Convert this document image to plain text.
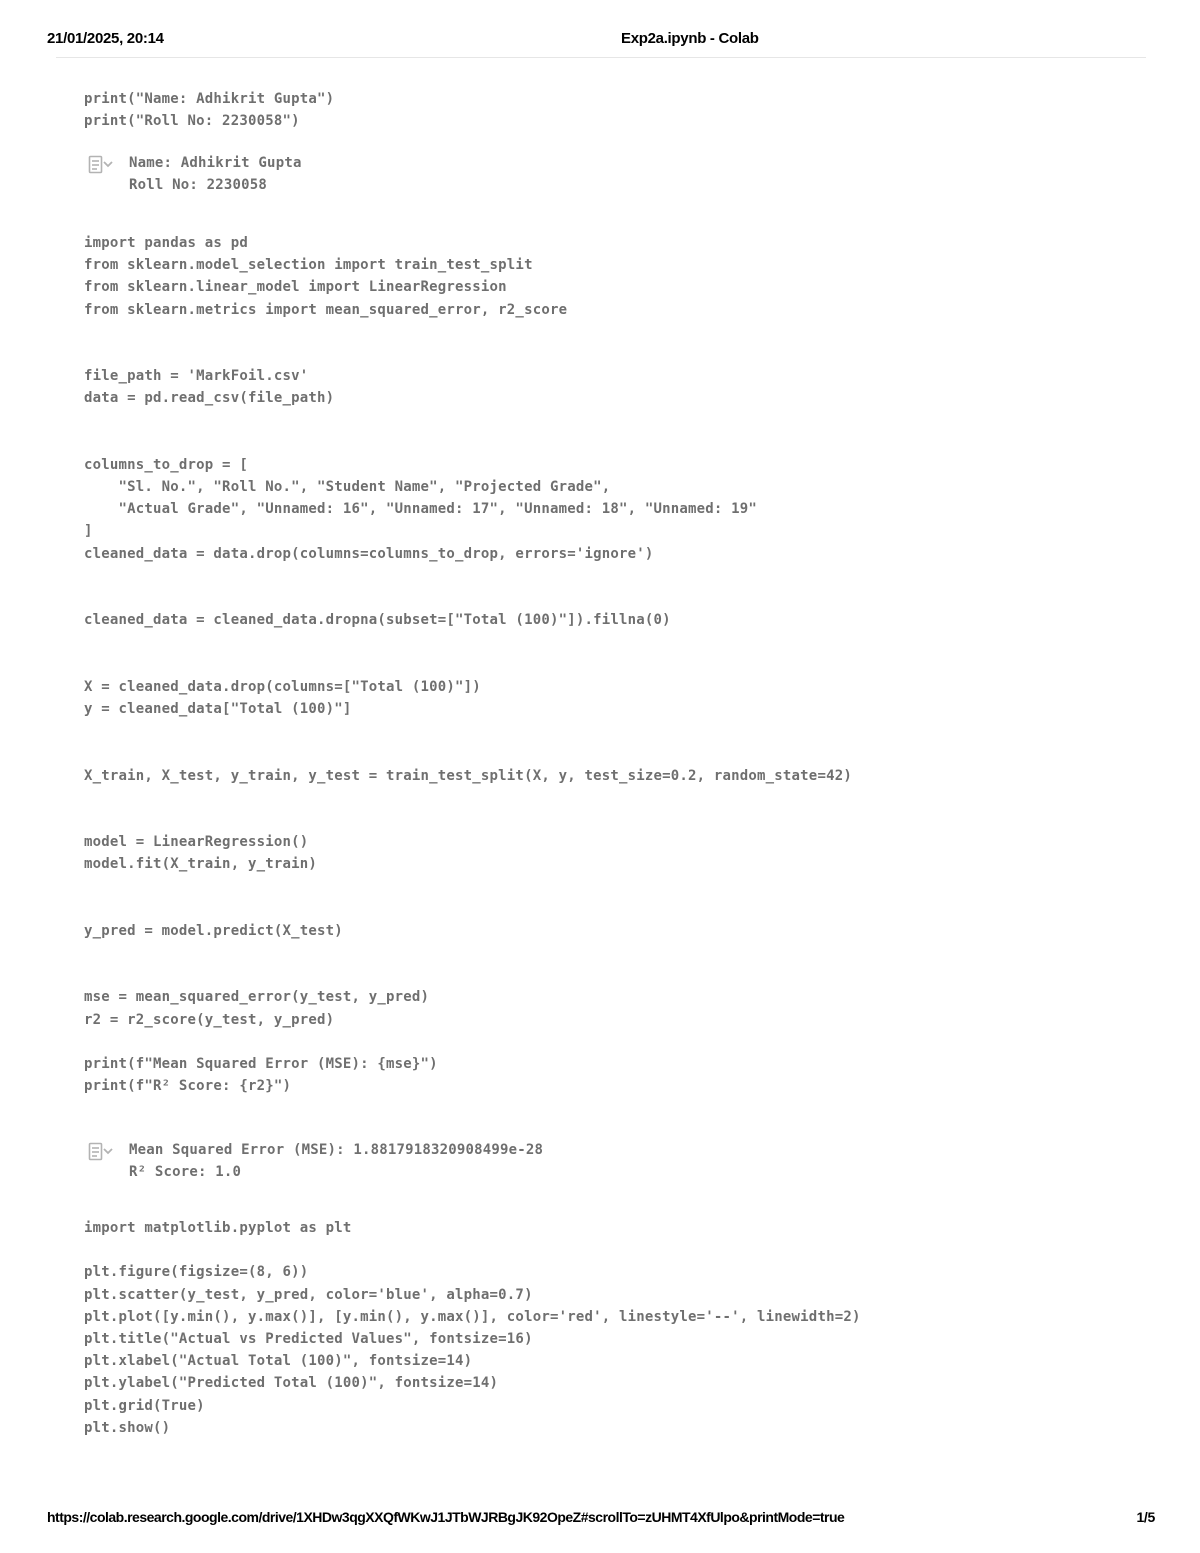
21/01/2025, 20:14	Exp2a.ipynb - Colab
print("Name: Adhikrit Gupta")
print("Roll No: 2230058")
Name: Adhikrit Gupta
Roll No: 2230058
import pandas as pd
from sklearn.model_selection import train_test_split
from sklearn.linear_model import LinearRegression
from sklearn.metrics import mean_squared_error, r2_score
file_path = 'MarkFoil.csv'
data = pd.read_csv(file_path)
columns_to_drop = [
"Sl. No.", "Roll No.", "Student Name", "Projected Grade",
"Actual Grade", "Unnamed: 16", "Unnamed: 17", "Unnamed: 18", "Unnamed: 19"
]
cleaned_data = data.drop(columns=columns_to_drop, errors='ignore')
cleaned_data = cleaned_data.dropna(subset=["Total (100)"]).fillna(0)
X = cleaned_data.drop(columns=["Total (100)"])
y = cleaned_data["Total (100)"]
X_train, X_test, y_train, y_test = train_test_split(X, y, test_size=0.2, random_state=42)
model = LinearRegression()
model.fit(X_train, y_train)
y_pred = model.predict(X_test)
mse = mean_squared_error(y_test, y_pred)
r2 = r2_score(y_test, y_pred)
print(f"Mean Squared Error (MSE): {mse}")
print(f"R² Score: {r2}")
Mean Squared Error (MSE): 1.8817918320908499e-28
R² Score: 1.0
import matplotlib.pyplot as plt
plt.figure(figsize=(8, 6))
plt.scatter(y_test, y_pred, color='blue', alpha=0.7)
plt.plot([y.min(), y.max()], [y.min(), y.max()], color='red', linestyle='--', linewidth=2)
plt.title("Actual vs Predicted Values", fontsize=16)
plt.xlabel("Actual Total (100)", fontsize=14)
plt.ylabel("Predicted Total (100)", fontsize=14)
plt.grid(True)
plt.show()
https://colab.research.google.com/drive/1XHDw3qgXXQfWKwJ1JTbWJRBgJK92OpeZ#scrollTo=zUHMT4XfUlpo&printMode=true	1/5
